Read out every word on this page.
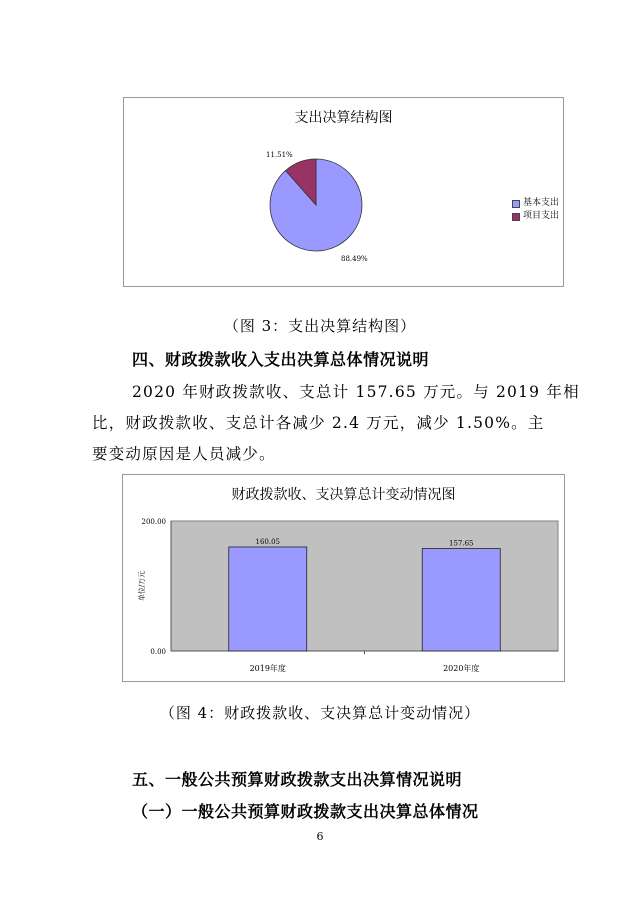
支出决算结构图
88.49%
11.51%
基本支出
项目支出
（图 3：支出决算结构图）
四、财政拨款收入支出决算总体情况说明
2020 年财政拨款收、支总计 157.65 万元。与 2019 年相
比，财政拨款收、支总计各减少 2.4 万元，减少 1.50%。主
要变动原因是人员减少。
财政拨款收、支决算总计变动情况图
200.00
0.00
单位/万元
160.05
2019年度
157.65
2020年度
（图 4：财政拨款收、支决算总计变动情况）
五、一般公共预算财政拨款支出决算情况说明
（一）一般公共预算财政拨款支出决算总体情况
6
